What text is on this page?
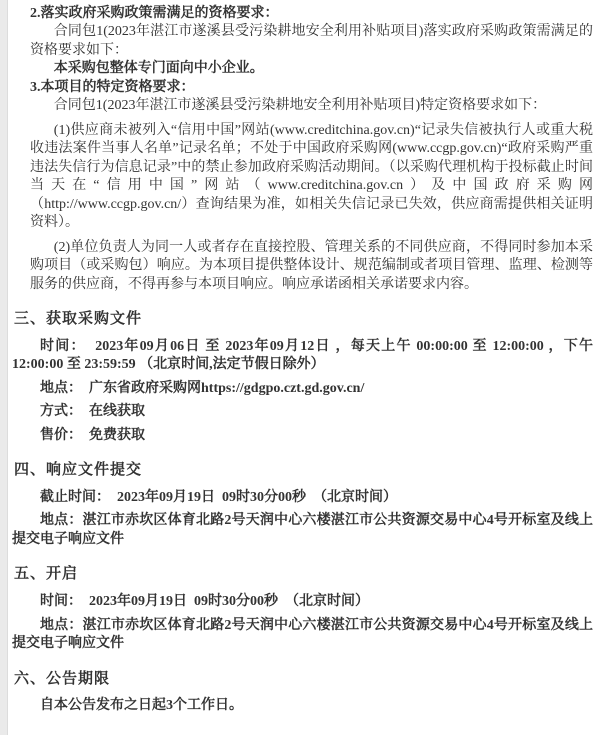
2.落实政府采购政策需满足的资格要求：

合同包1(2023年湛江市遂溪县受污染耕地安全利用补贴项目)落实政府采购政策需满足的资格要求如下：

本采购包整体专门面向中小企业。

3.本项目的特定资格要求：

合同包1(2023年湛江市遂溪县受污染耕地安全利用补贴项目)特定资格要求如下：

(1)供应商未被列入“信用中国”网站(www.creditchina.gov.cn)“记录失信被执行人或重大税收违法案件当事人名单”记录名单；不处于中国政府采购网(www.ccgp.gov.cn)“政府采购严重违法失信行为信息记录”中的禁止参加政府采购活动期间。（以采购代理机构于投标截止时间当天在“信用中国”网站（www.creditchina.gov.cn）及中国政府采购网（http://www.ccgp.gov.cn/）查询结果为准，如相关失信记录已失效，供应商需提供相关证明资料）。

(2)单位负责人为同一人或者存在直接控股、管理关系的不同供应商，不得同时参加本采购项目（或采购包）响应。为本项目提供整体设计、规范编制或者项目管理、监理、检测等服务的供应商，不得再参与本项目响应。响应承诺函相关承诺要求内容。

三、获取采购文件

时间：  2023年09月06日 至 2023年09月12日 ，每天上午 00:00:00 至 12:00:00 ，下午 12:00:00 至 23:59:59 （北京时间,法定节假日除外）

地点：  广东省政府采购网https://gdgpo.czt.gd.gov.cn/

方式：  在线获取

售价：  免费获取

四、响应文件提交

截止时间：  2023年09月19日  09时30分00秒  （北京时间）

地点：湛江市赤坎区体育北路2号天润中心六楼湛江市公共资源交易中心4号开标室及线上提交电子响应文件

五、开启

时间：  2023年09月19日  09时30分00秒  （北京时间）

地点：湛江市赤坎区体育北路2号天润中心六楼湛江市公共资源交易中心4号开标室及线上提交电子响应文件

六、公告期限

自本公告发布之日起3个工作日。
